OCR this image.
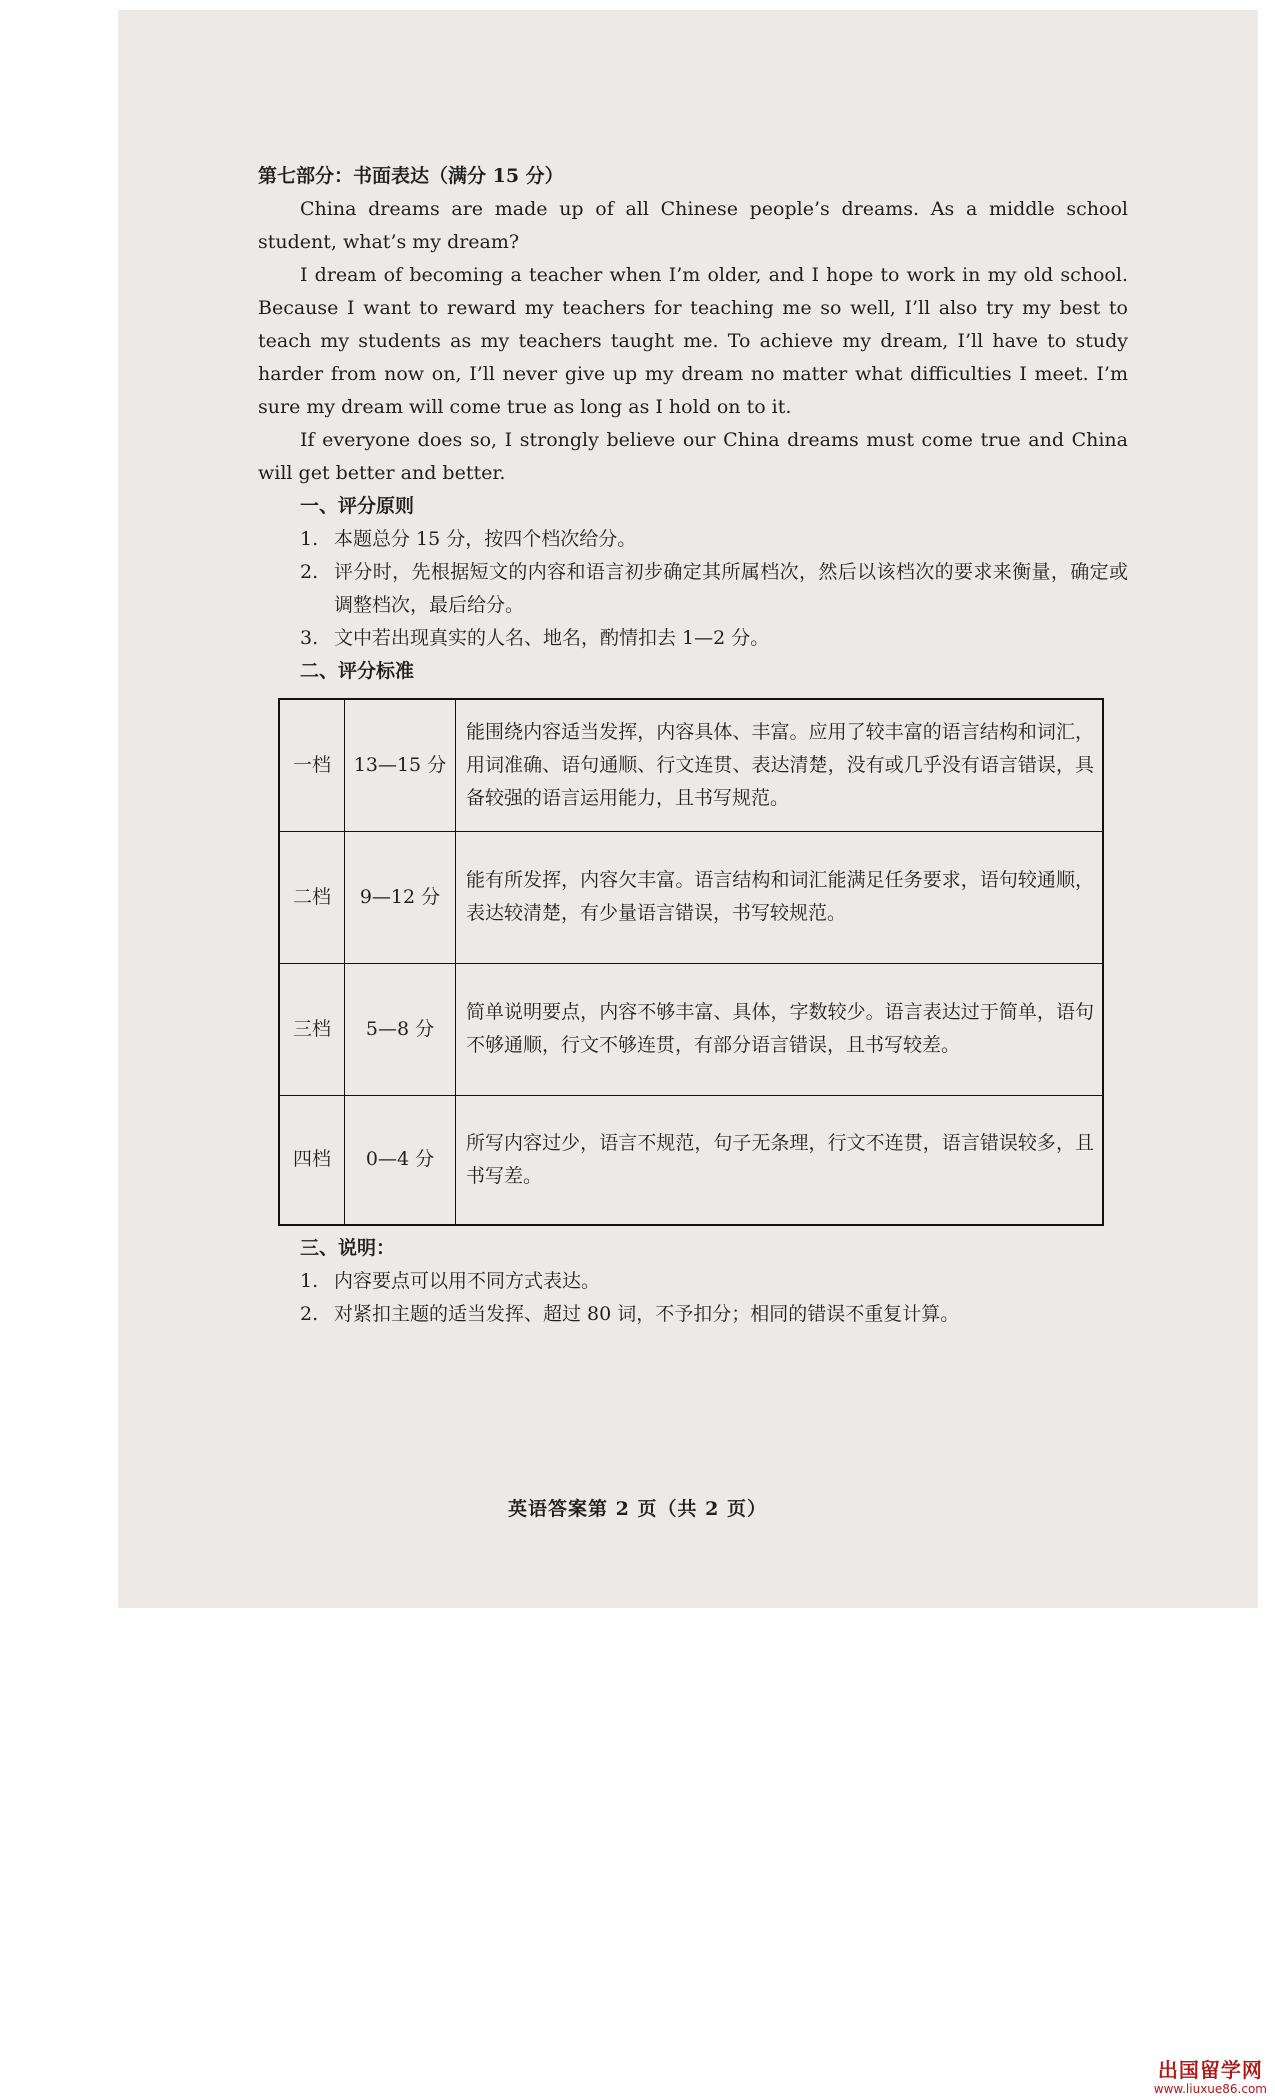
第七部分：书面表达（满分 15 分）

China dreams are made up of all Chinese people’s dreams. As a middle school student, what’s my dream?

I dream of becoming a teacher when I’m older, and I hope to work in my old school. Because I want to reward my teachers for teaching me so well, I’ll also try my best to teach my students as my teachers taught me. To achieve my dream, I’ll have to study harder from now on, I’ll never give up my dream no matter what difficulties I meet. I’m sure my dream will come true as long as I hold on to it.

If everyone does so, I strongly believe our China dreams must come true and China will get better and better.

一、评分原则

1. 本题总分 15 分，按四个档次给分。
2. 评分时，先根据短文的内容和语言初步确定其所属档次，然后以该档次的要求来衡量，确定或调整档次，最后给分。
3. 文中若出现真实的人名、地名，酌情扣去 1—2 分。

二、评分标准

一档	13—15 分	能围绕内容适当发挥，内容具体、丰富。应用了较丰富的语言结构和词汇，用词准确、语句通顺、行文连贯、表达清楚，没有或几乎没有语言错误，具备较强的语言运用能力，且书写规范。
二档	9—12 分	能有所发挥，内容欠丰富。语言结构和词汇能满足任务要求，语句较通顺，表达较清楚，有少量语言错误，书写较规范。
三档	5—8 分	简单说明要点，内容不够丰富、具体，字数较少。语言表达过于简单，语句不够通顺，行文不够连贯，有部分语言错误，且书写较差。
四档	0—4 分	所写内容过少，语言不规范，句子无条理，行文不连贯，语言错误较多，且书写差。

三、说明：

1. 内容要点可以用不同方式表达。
2. 对紧扣主题的适当发挥、超过 80 词，不予扣分；相同的错误不重复计算。
英语答案第 2 页（共 2 页）
出国留学网
www.liuxue86.com
